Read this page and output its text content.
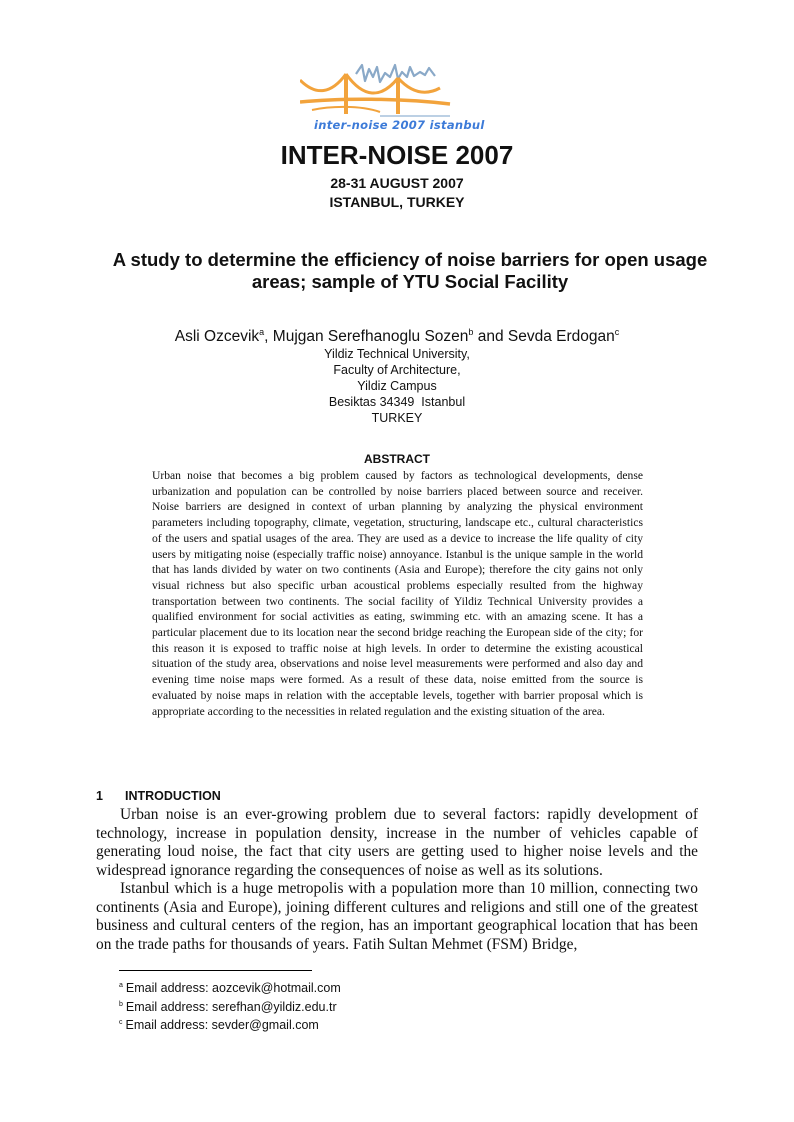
inter-noise 2007 istanbul
INTER-NOISE 2007
28-31 AUGUST 2007
ISTANBUL, TURKEY
A study to determine the efficiency of noise barriers for open usage areas; sample of YTU Social Facility
Asli Ozcevik$^a$, Mujgan Serefhanoglu Sozen$^b$ and Sevda Erdogan$^c$
Yildiz Technical University,
Faculty of Architecture,
Yildiz Campus
Besiktas 34349  Istanbul
TURKEY
ABSTRACT
Urban noise that becomes a big problem caused by factors as technological developments, dense urbanization and population can be controlled by noise barriers placed between source and receiver. Noise barriers are designed in context of urban planning by analyzing the physical environment parameters including topography, climate, vegetation, structuring, landscape etc., cultural characteristics of the users and spatial usages of the area. They are used as a device to increase the life quality of city users by mitigating noise (especially traffic noise) annoyance. Istanbul is the unique sample in the world that has lands divided by water on two continents (Asia and Europe); therefore the city gains not only visual richness but also specific urban acoustical problems especially resulted from the highway transportation between two continents. The social facility of Yildiz Technical University provides a qualified environment for social activities as eating, swimming etc. with an amazing scene. It has a particular placement due to its location near the second bridge reaching the European side of the city; for this reason it is exposed to traffic noise at high levels. In order to determine the existing acoustical situation of the study area, observations and noise level measurements were performed and also day and evening time noise maps were formed. As a result of these data, noise emitted from the source is evaluated by noise maps in relation with the acceptable levels, together with barrier proposal which is appropriate according to the necessities in related regulation and the existing situation of the area.
1 INTRODUCTION

Urban noise is an ever-growing problem due to several factors: rapidly development of technology, increase in population density, increase in the number of vehicles capable of generating loud noise, the fact that city users are getting used to higher noise levels and the widespread ignorance regarding the consequences of noise as well as its solutions.

Istanbul which is a huge metropolis with a population more than 10 million, connecting two continents (Asia and Europe), joining different cultures and religions and still one of the greatest business and cultural centers of the region, has an important geographical location that has been on the trade paths for thousands of years. Fatih Sultan Mehmet (FSM) Bridge,

$^a$ Email address: aozcevik@hotmail.com
$^b$ Email address: serefhan@yildiz.edu.tr
$^c$ Email address: sevder@gmail.com
